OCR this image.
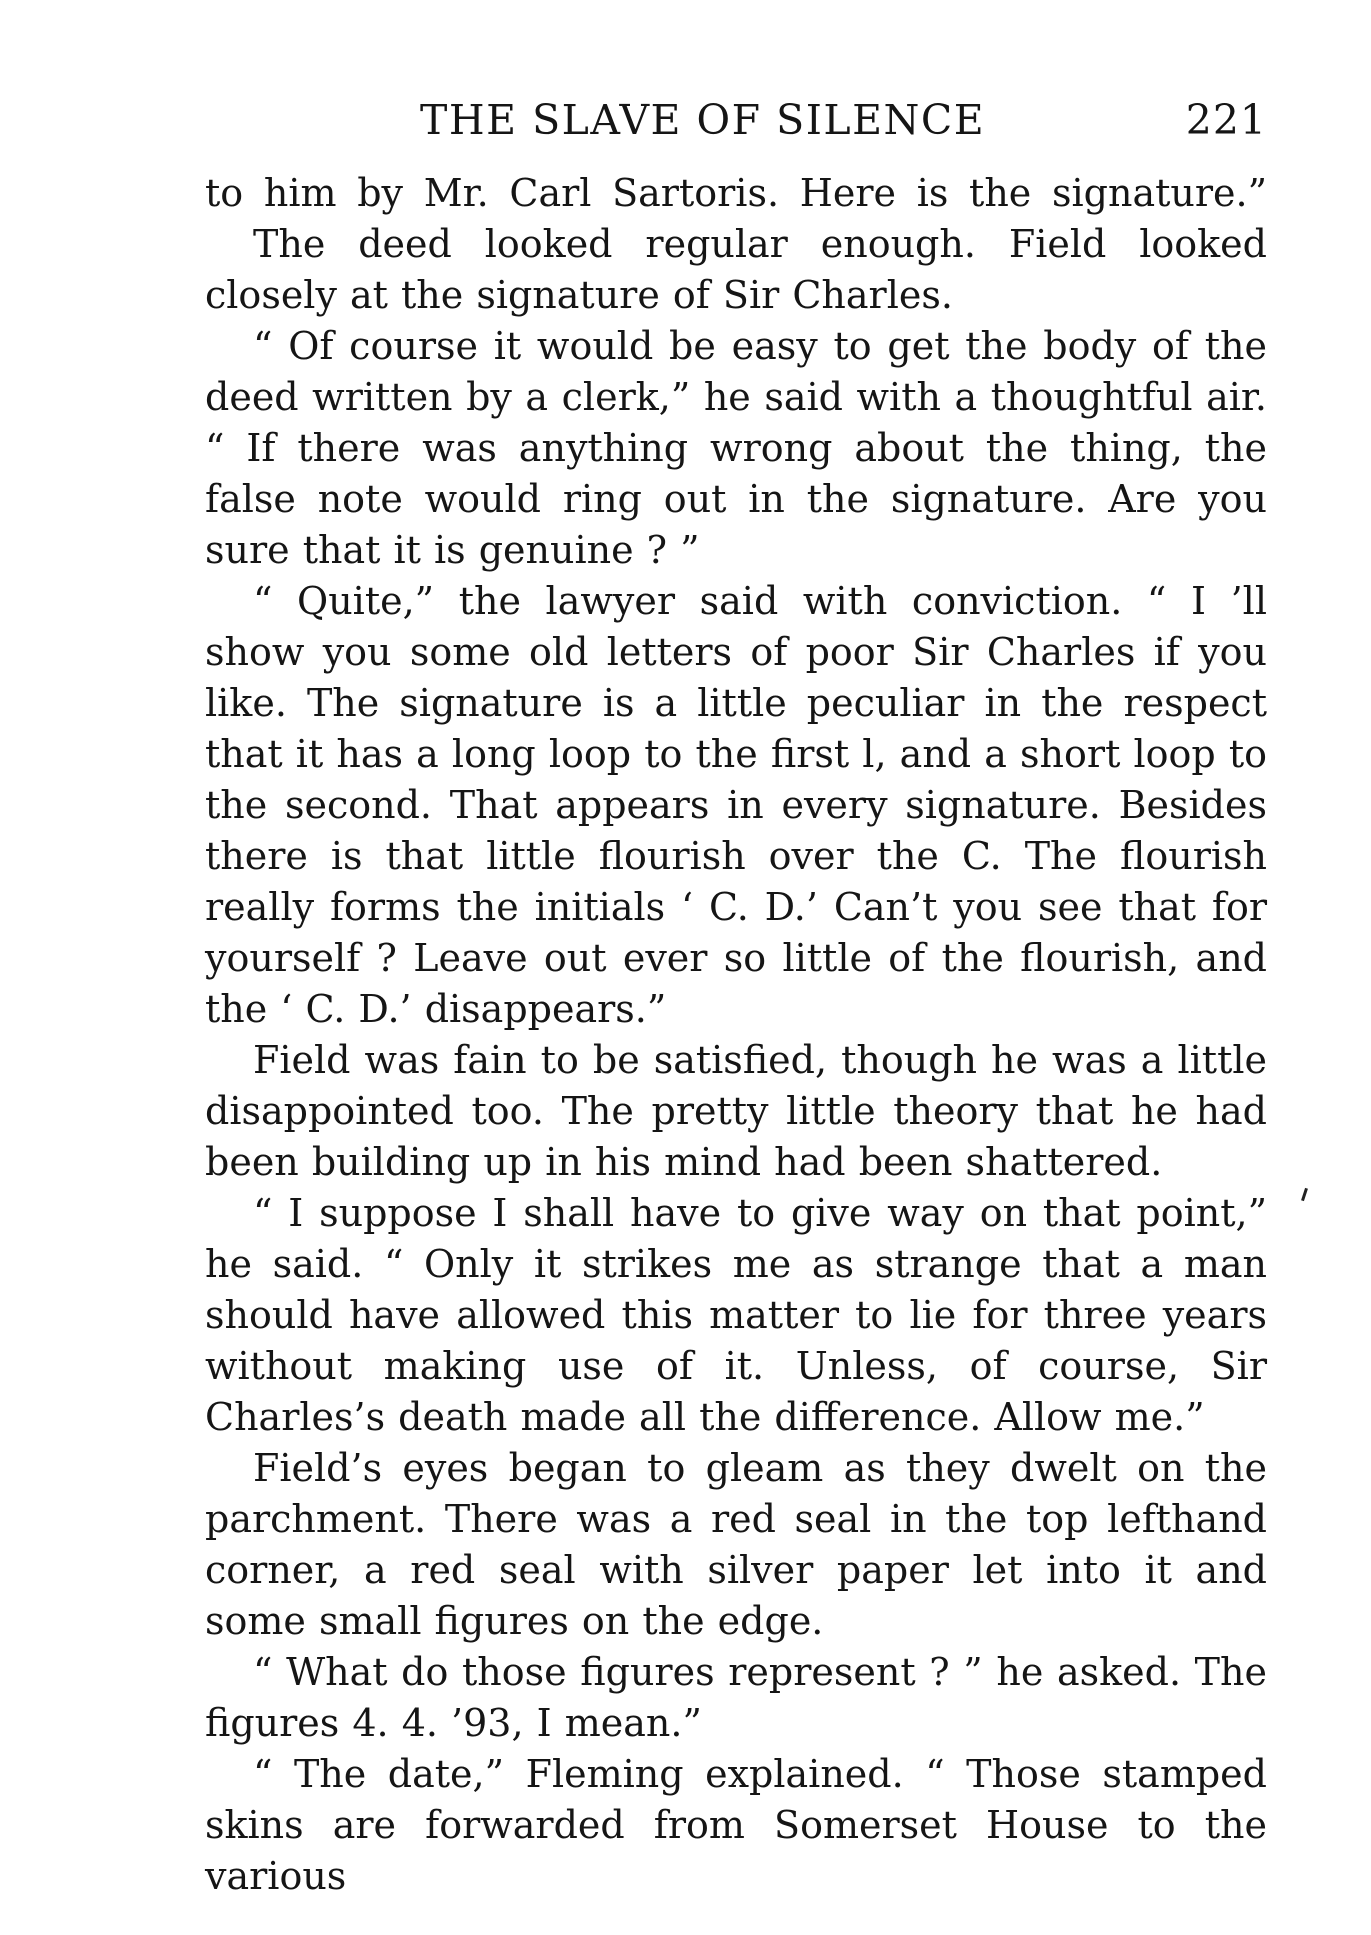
THE SLAVE OF SILENCE	221

to him by Mr. Carl Sartoris. Here is the signature.”

The deed looked regular enough. Field looked closely at the signature of Sir Charles.

“ Of course it would be easy to get the body of the deed written by a clerk,” he said with a thoughtful air. “ If there was anything wrong about the thing, the false note would ring out in the signature. Are you sure that it is genuine ? ”

“ Quite,” the lawyer said with conviction. “ I ’ll show you some old letters of poor Sir Charles if you like. The signature is a little peculiar in the respect that it has a long loop to the first l, and a short loop to the second. That appears in every signature. Besides there is that little flourish over the C. The flourish really forms the initials ‘ C. D.’ Can’t you see that for yourself ? Leave out ever so little of the flourish, and the ‘ C. D.’ disappears.”

Field was fain to be satisfied, though he was a little disappointed too. The pretty little theory that he had been building up in his mind had been shattered.

“ I suppose I shall have to give way on that point,” he said. “ Only it strikes me as strange that a man should have allowed this matter to lie for three years without making use of it. Unless, of course, Sir Charles’s death made all the difference. Allow me.”

Field’s eyes began to gleam as they dwelt on the parchment. There was a red seal in the top lefthand corner, a red seal with silver paper let into it and some small figures on the edge.

“ What do those figures represent ? ” he asked. The figures 4. 4. ’93, I mean.”

“ The date,” Fleming explained. “ Those stamped skins are forwarded from Somerset House to the various
